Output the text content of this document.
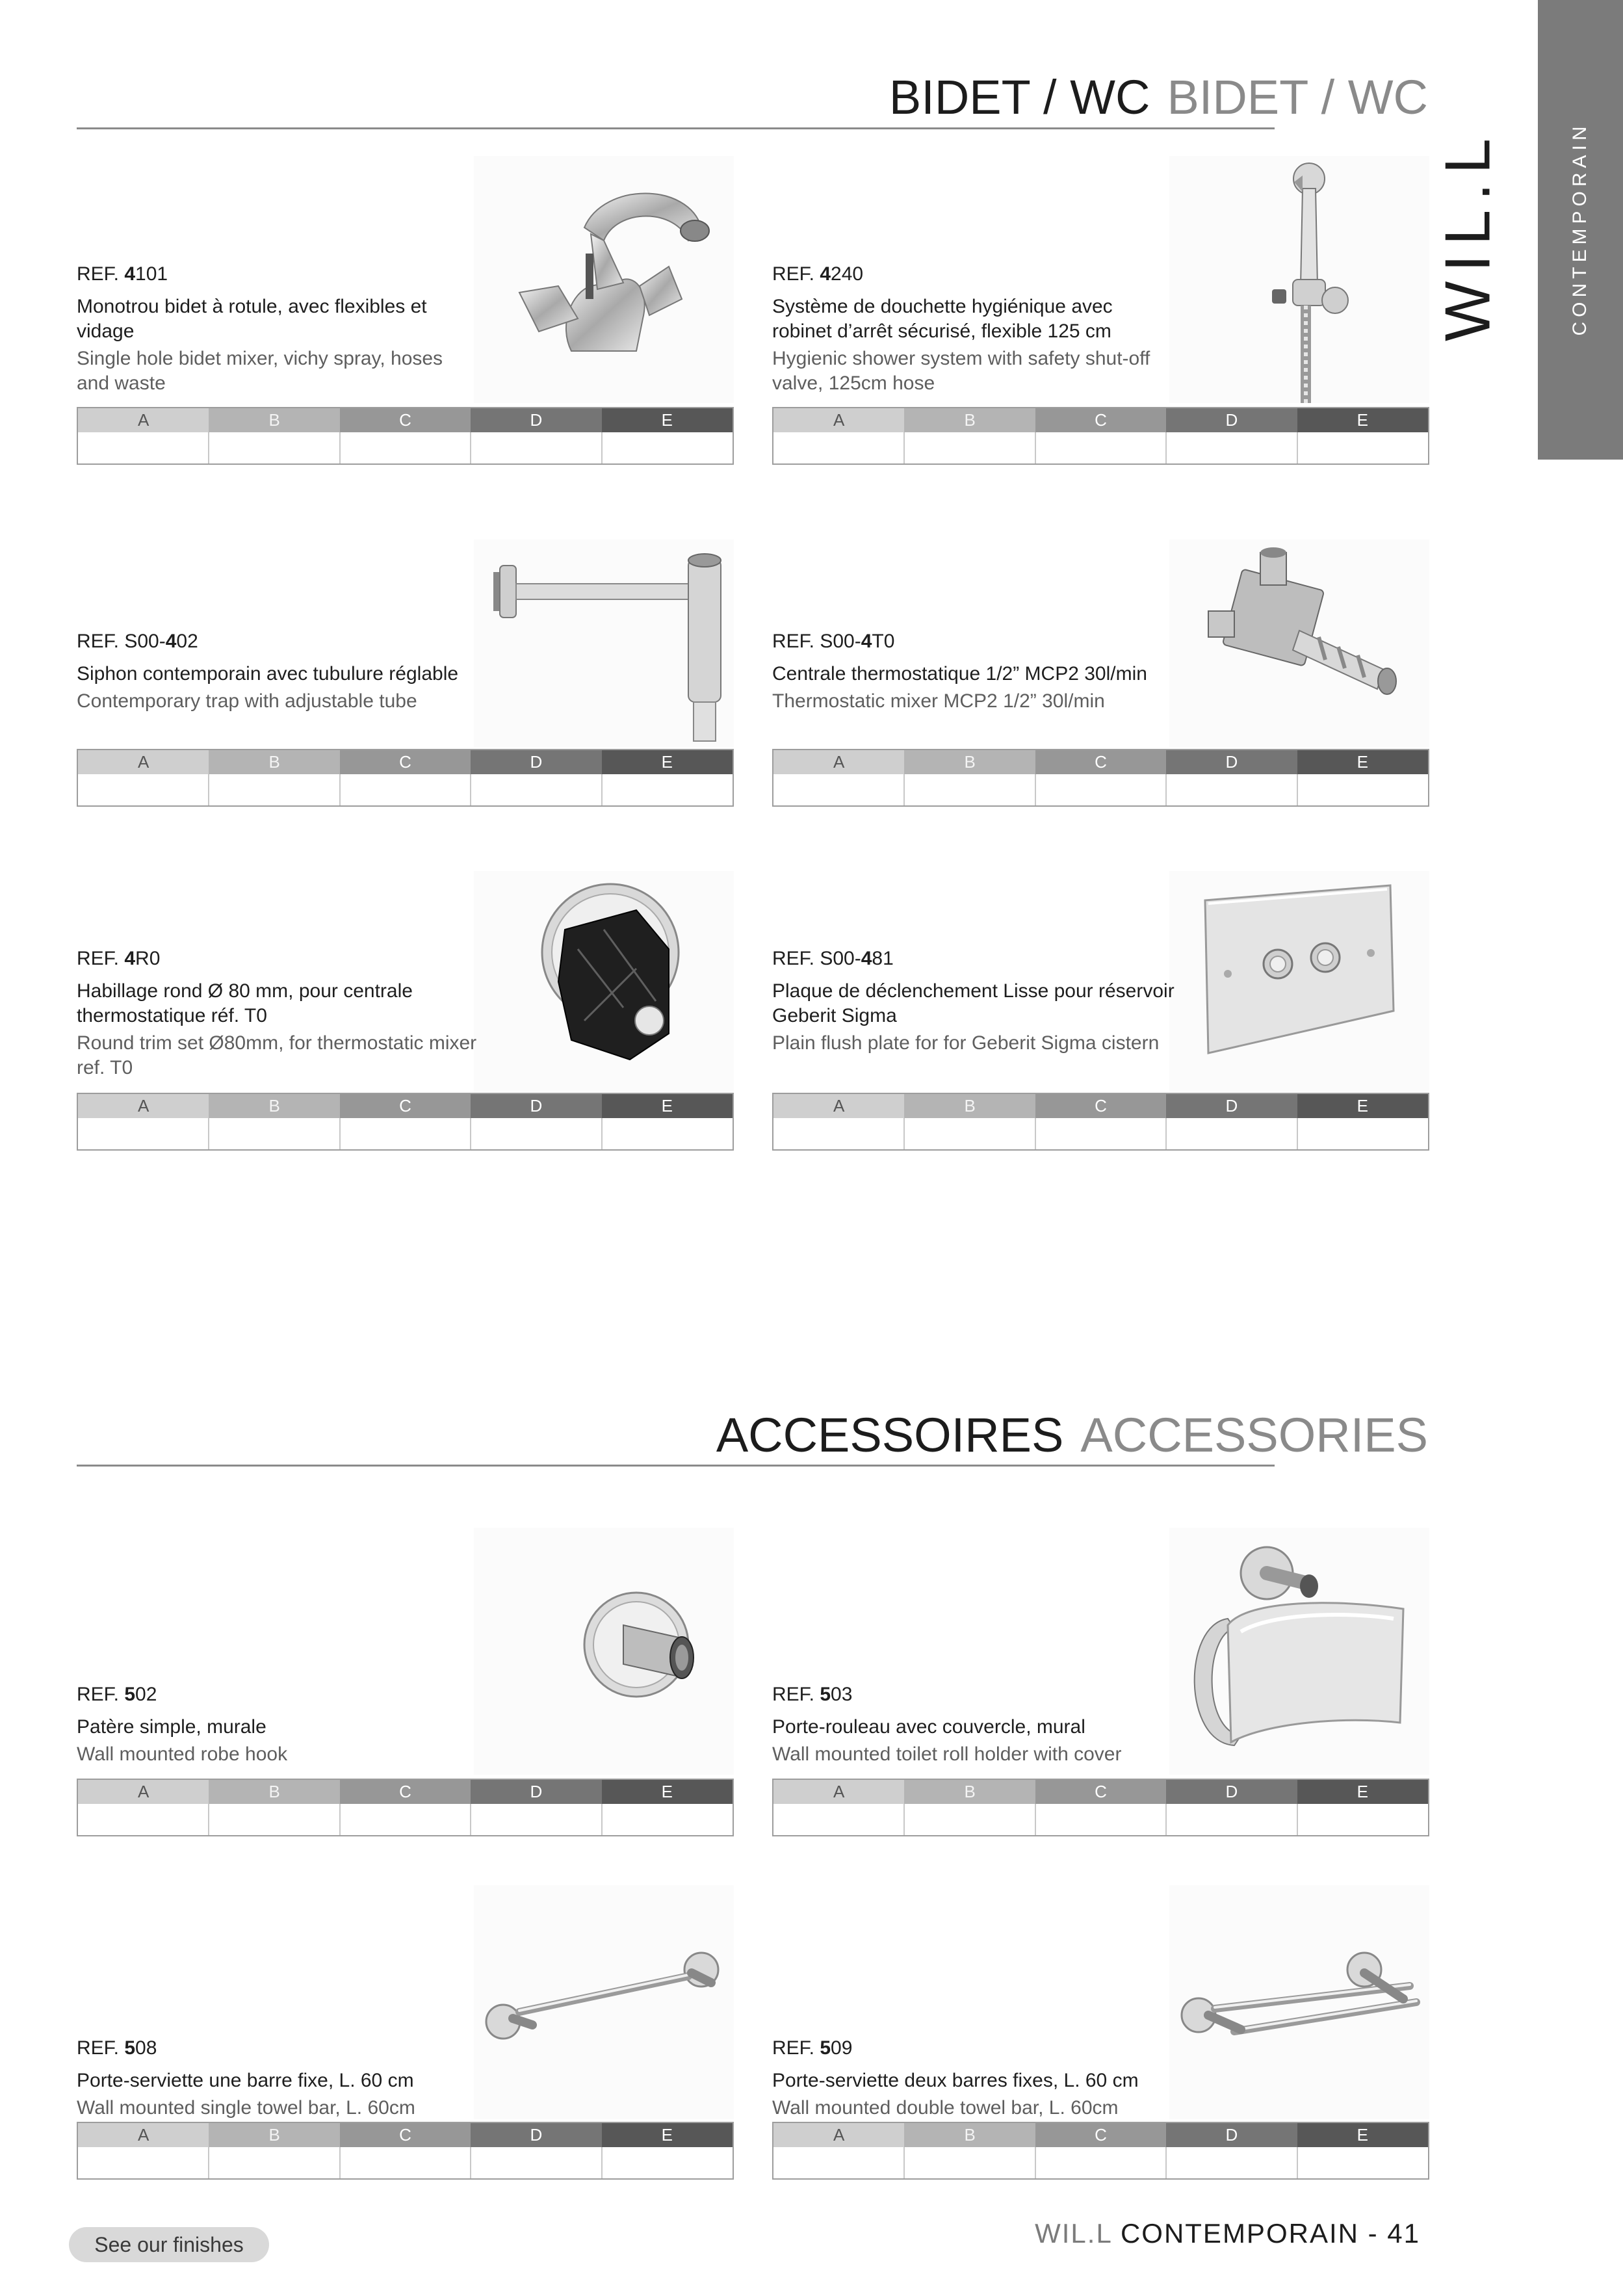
BIDET / WC BIDET / WC
ACCESSOIRES ACCESSORIES
CONTEMPORAIN
WIL.L
REF. 4101
Monotrou bidet à rotule, avec flexibles et vidage
Single hole bidet mixer, vichy spray, hoses and waste
A	B	C	D	E
REF. 4240
Système de douchette hygiénique avec robinet d’arrêt sécurisé, flexible 125 cm
Hygienic shower system with safety shut-off valve, 125cm hose
A	B	C	D	E
REF. S00-402
Siphon contemporain avec tubulure réglable
Contemporary trap with adjustable tube
A	B	C	D	E
REF. S00-4T0
Centrale thermostatique 1/2” MCP2 30l/min
Thermostatic mixer MCP2 1/2” 30l/min
A	B	C	D	E
REF. 4R0
Habillage rond Ø 80 mm, pour centrale thermostatique réf. T0
Round trim set Ø80mm, for thermostatic mixer ref. T0
A	B	C	D	E
REF. S00-481
Plaque de déclenchement Lisse pour réservoir Geberit Sigma
Plain flush plate for for Geberit Sigma cistern
A	B	C	D	E
REF. 502
Patère simple, murale
Wall mounted robe hook
A	B	C	D	E
REF. 503
Porte-rouleau avec couvercle, mural
Wall mounted toilet roll holder with cover
A	B	C	D	E
REF. 508
Porte-serviette une barre fixe, L. 60 cm
Wall mounted single towel bar, L. 60cm
A	B	C	D	E
REF. 509
Porte-serviette deux barres fixes, L. 60 cm
Wall mounted double towel bar, L. 60cm
A	B	C	D	E
See our finishes	WIL.L CONTEMPORAIN - 41
